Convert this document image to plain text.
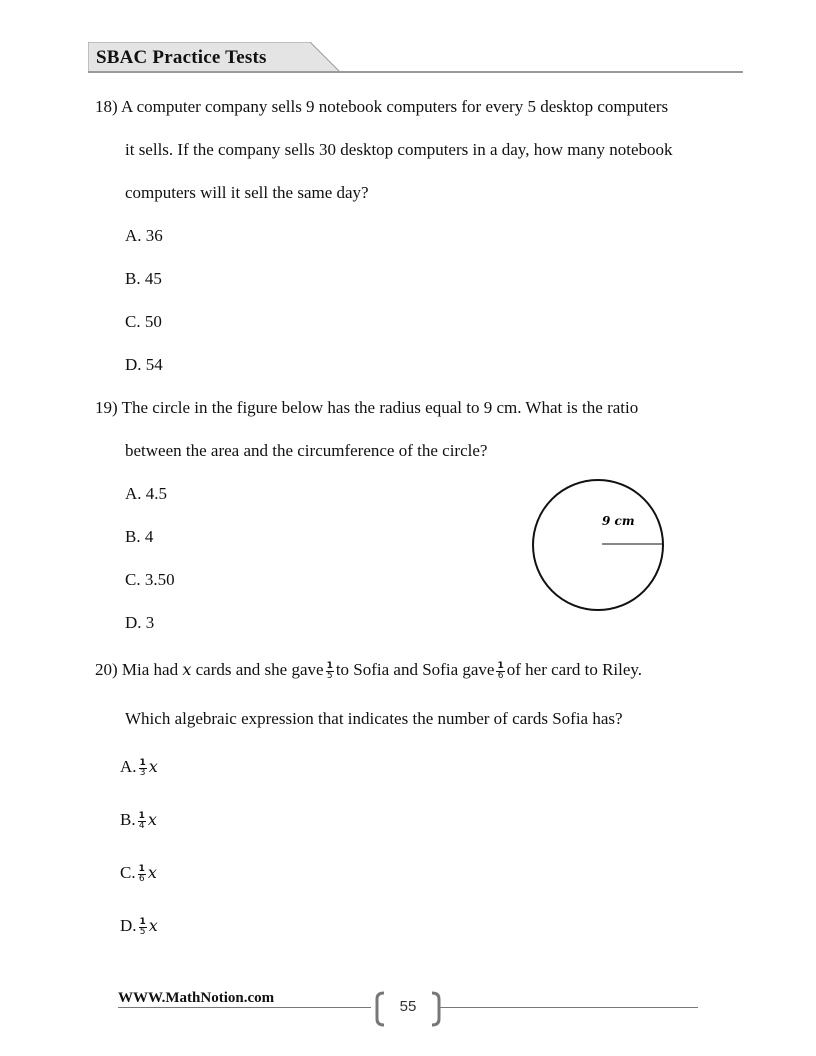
SBAC Practice Tests
18) A computer company sells 9 notebook computers for every 5 desktop computers
it sells. If the company sells 30 desktop computers in a day, how many notebook
computers will it sell the same day?
A. 36
B. 45
C. 50
D. 54
19) The circle in the figure below has the radius equal to 9 cm. What is the ratio
between the area and the circumference of the circle?
A. 4.5
B. 4
C. 3.50
D. 3
9 cm
20) Mia had x cards and she gave $\frac{1}{5}$ to Sofia and Sofia gave $\frac{1}{6}$ of her card to Riley.
Which algebraic expression that indicates the number of cards Sofia has?
A. $\frac{1}{3}$ x
B. $\frac{1}{4}$ x
C. $\frac{1}{6}$ x
D. $\frac{1}{5}$ x
WWW.MathNotion.com	55
